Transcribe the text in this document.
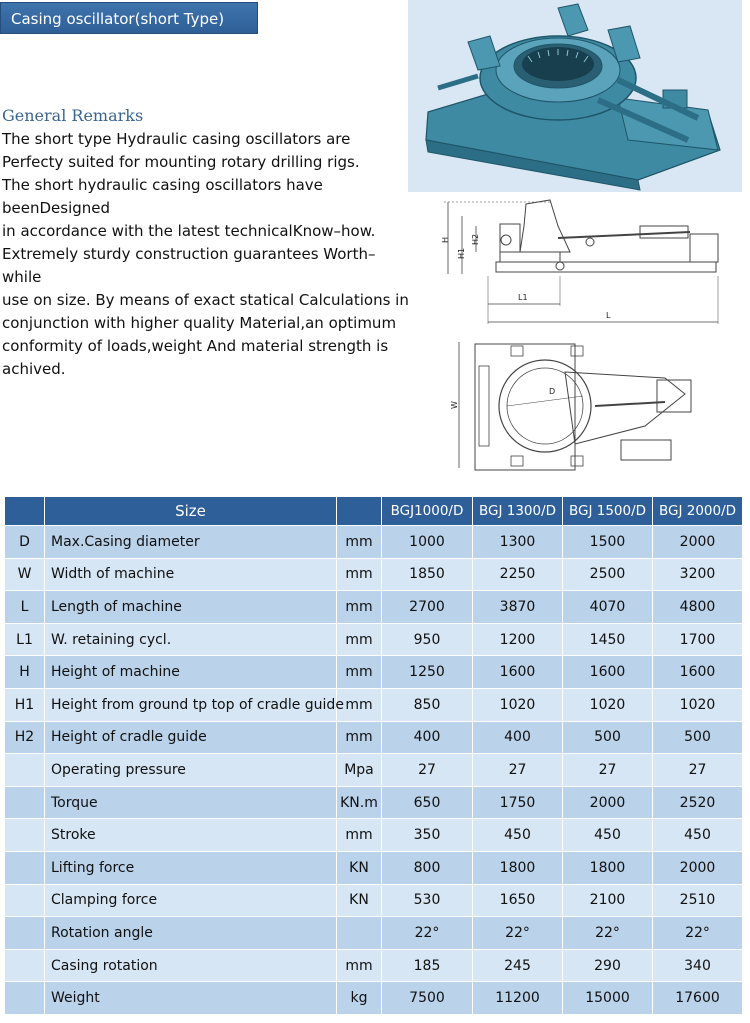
Casing oscillator(short Type)
General Remarks
The short type Hydraulic casing oscillators are
Perfecty suited for mounting rotary drilling rigs.
The short hydraulic casing oscillators have
beenDesigned
in accordance with the latest technicalKnow–how.
Extremely sturdy construction guarantees Worth–
while
use on size. By means of exact statical Calculations in
conjunction with higher quality Material,an optimum
conformity of loads,weight And material strength is
achived.
H
H1
H2
L1
L
W
D
	Size		BGJ1000/D	BGJ 1300/D	BGJ 1500/D	BGJ 2000/D
D	Max.Casing diameter	mm	1000	1300	1500	2000
W	Width of machine	mm	1850	2250	2500	3200
L	Length of machine	mm	2700	3870	4070	4800
L1	W. retaining cycl.	mm	950	1200	1450	1700
H	Height of machine	mm	1250	1600	1600	1600
H1	Height from ground tp top of cradle guide	mm	850	1020	1020	1020
H2	Height of cradle guide	mm	400	400	500	500
	Operating pressure	Mpa	27	27	27	27
	Torque	KN.m	650	1750	2000	2520
	Stroke	mm	350	450	450	450
	Lifting force	KN	800	1800	1800	2000
	Clamping force	KN	530	1650	2100	2510
	Rotation angle		22°	22°	22°	22°
	Casing rotation	mm	185	245	290	340
	Weight	kg	7500	11200	15000	17600
